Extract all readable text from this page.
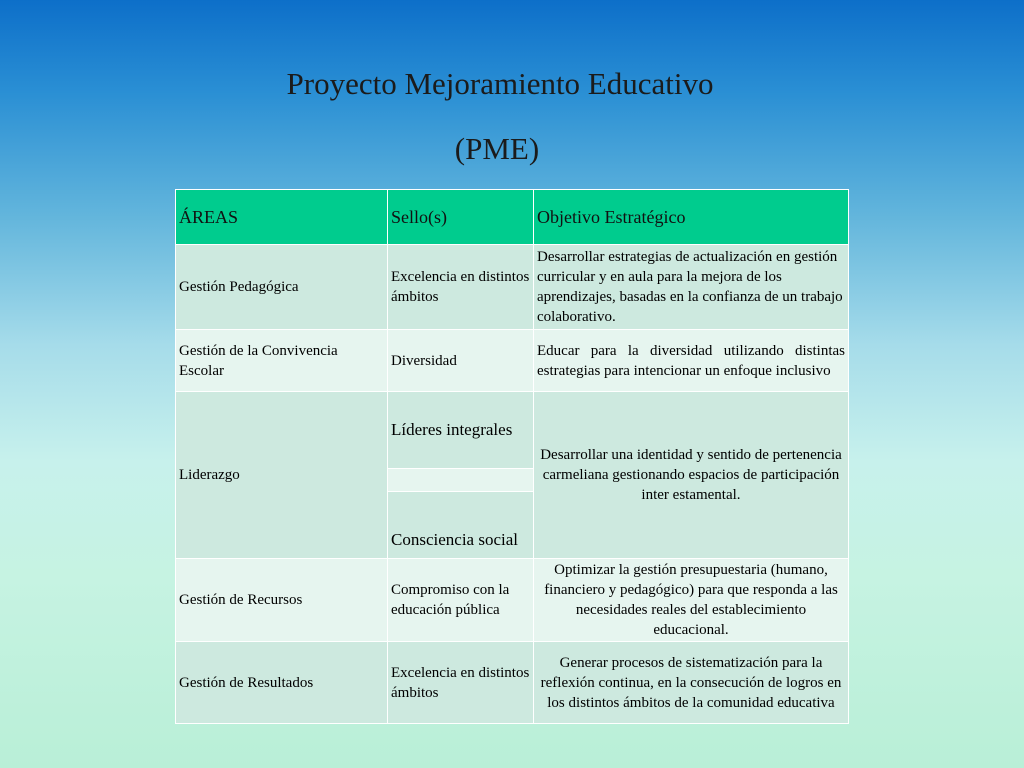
Proyecto Mejoramiento Educativo
(PME)
ÁREAS	Sello(s)	Objetivo Estratégico
Gestión Pedagógica	Excelencia en distintos ámbitos	Desarrollar estrategias de actualización en gestión curricular y en aula para la mejora de los aprendizajes, basadas en la confianza de un trabajo colaborativo.
Gestión de la Convivencia Escolar	Diversidad	Educar para la diversidad utilizando distintas estrategias para intencionar un enfoque inclusivo
Liderazgo	Líderes integrales	Desarrollar una identidad y sentido de pertenencia carmeliana gestionando espacios de participación inter estamental.

	Consciencia social	
Gestión de Recursos	Compromiso con la educación pública	Optimizar la gestión presupuestaria (humano, financiero y pedagógico) para que responda a las necesidades reales del establecimiento educacional.
Gestión de Resultados	Excelencia en distintos ámbitos	Generar procesos de sistematización para la reflexión continua, en la consecución de logros en los distintos ámbitos de la comunidad educativa
